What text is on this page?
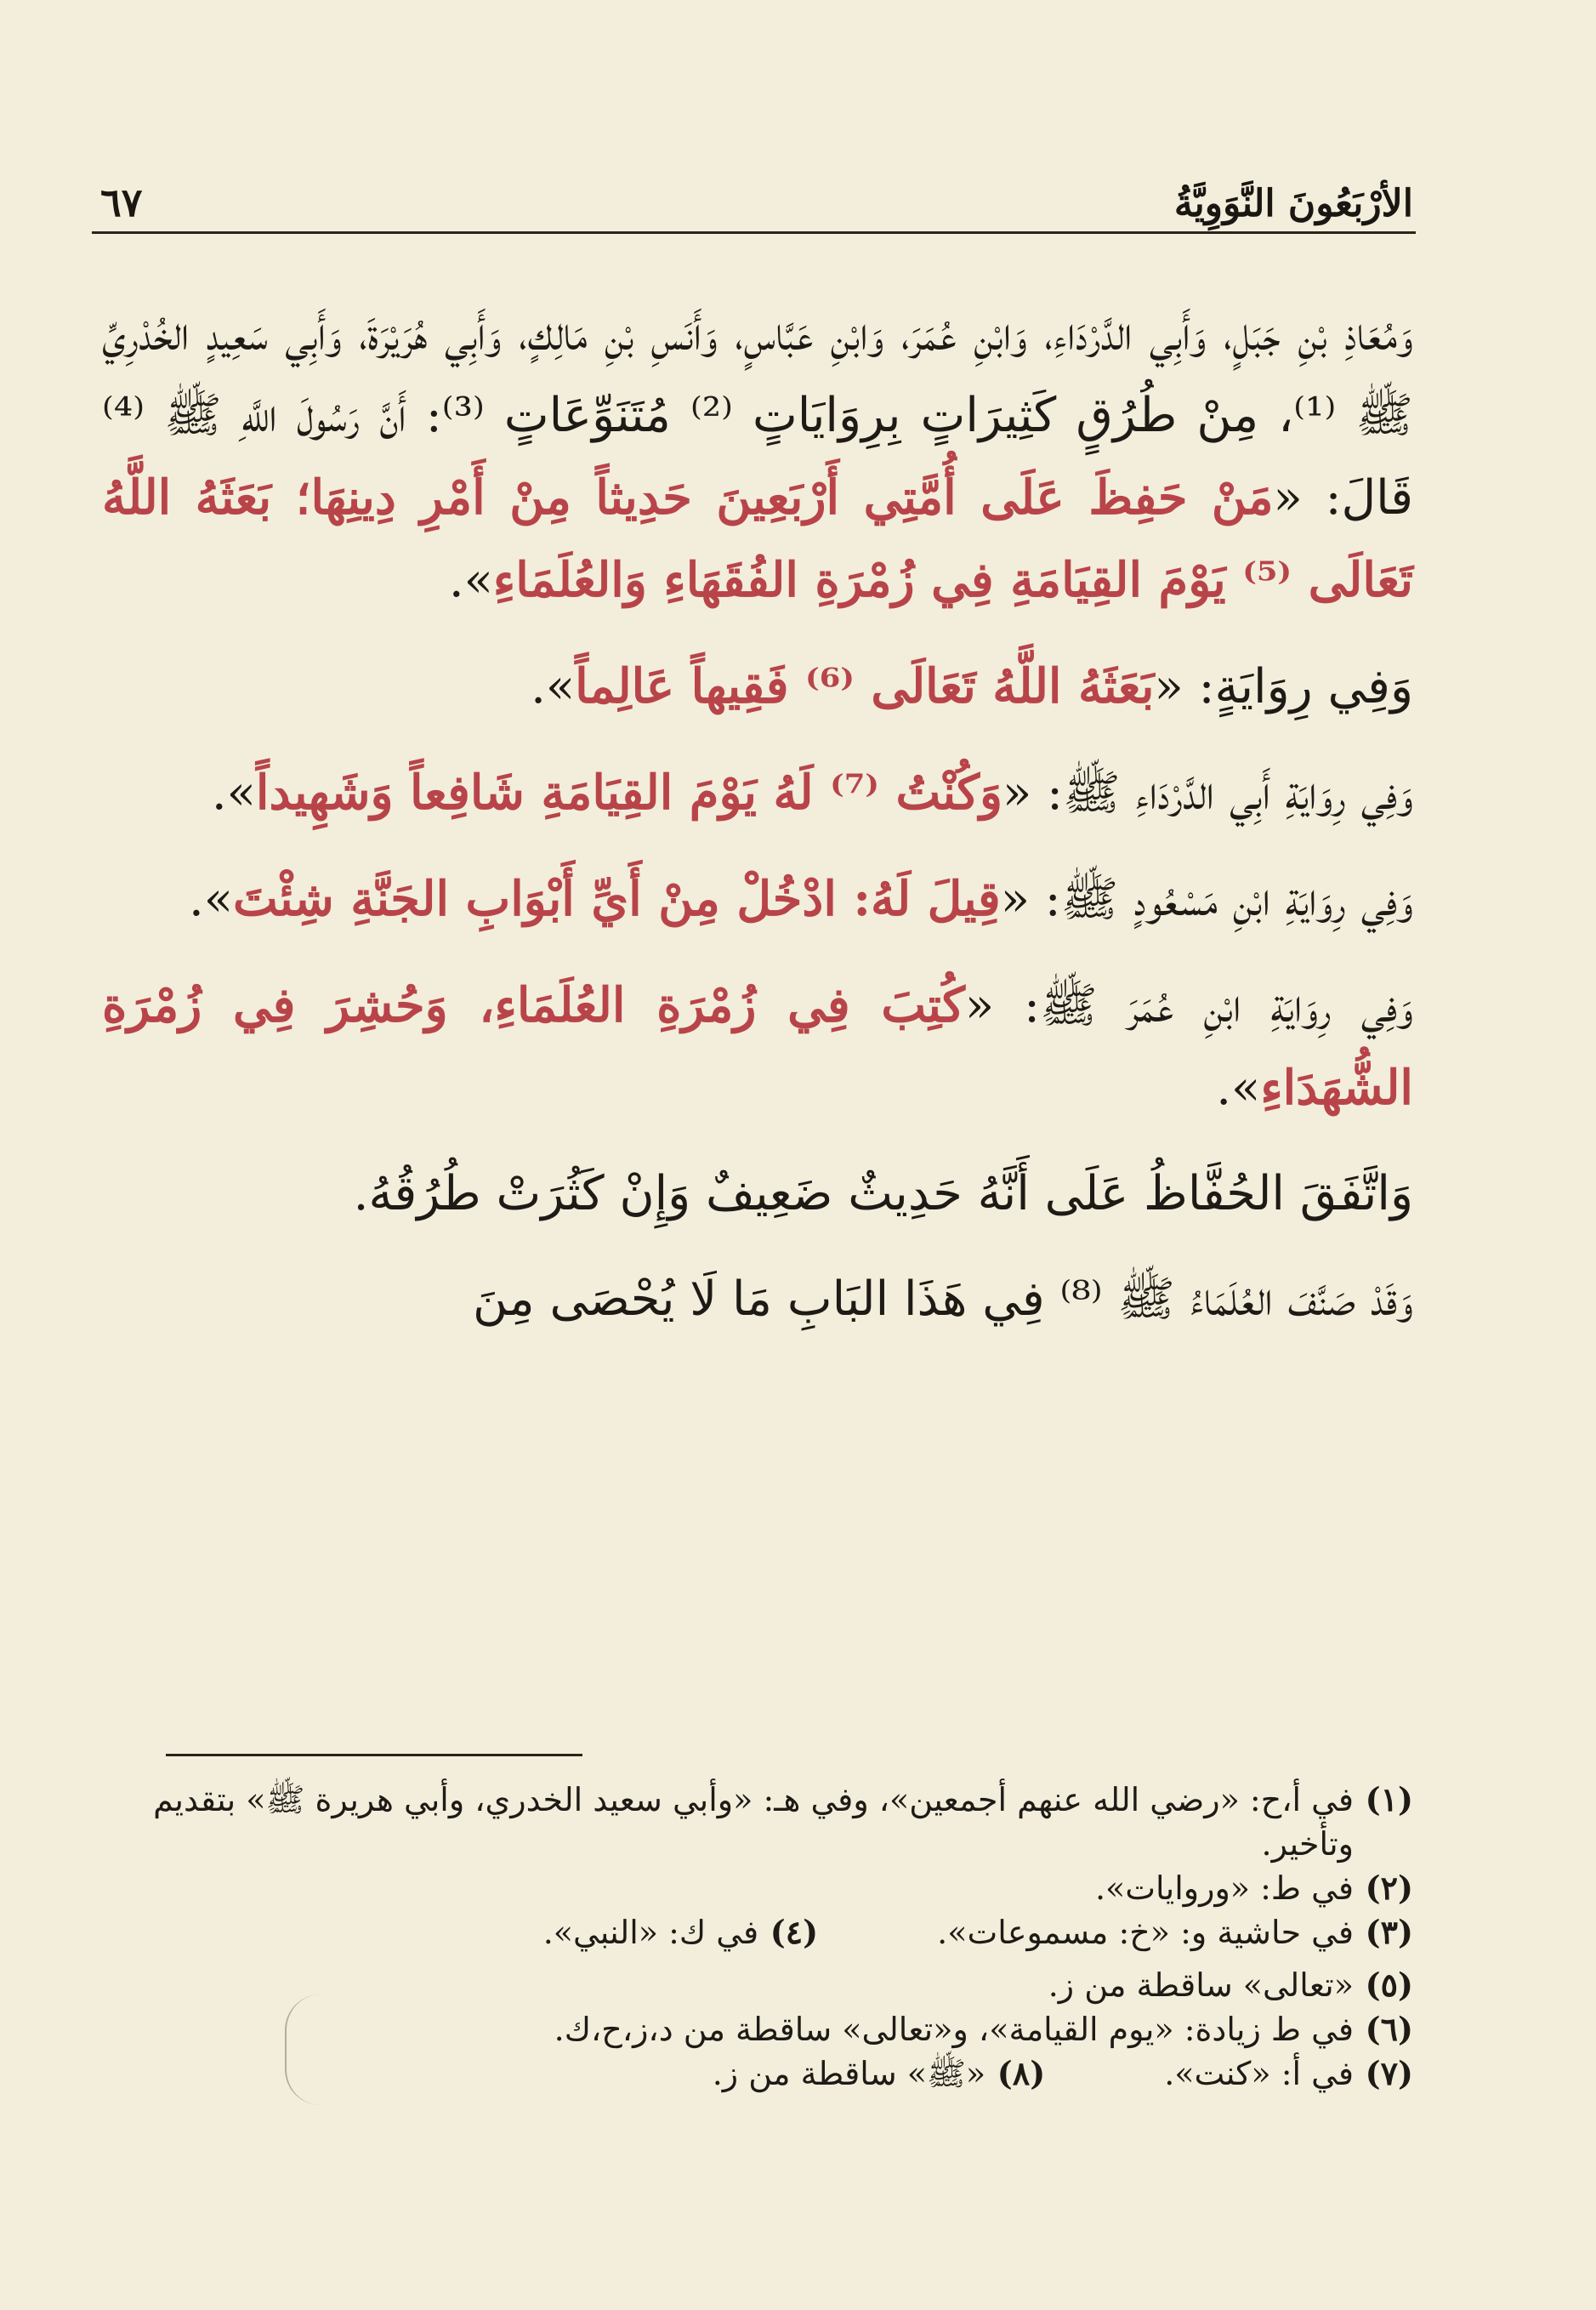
الأرْبَعُونَ النَّوَوِيَّةُ
٦٧

وَمُعَاذِ بْنِ جَبَلٍ، وَأَبِي الدَّرْدَاءِ، وَابْنِ عُمَرَ، وَابْنِ عَبَّاسٍ، وَأَنَسِ بْنِ مَالِكٍ، وَأَبِي هُرَيْرَةَ، وَأَبِي سَعِيدٍ الخُدْرِيِّ ﷺ ⁽¹⁾، مِنْ طُرُقٍ كَثِيرَاتٍ بِرِوَايَاتٍ ⁽²⁾ مُتَنَوِّعَاتٍ ⁽³⁾: أَنَّ رَسُولَ اللَّهِ ﷺ ⁽⁴⁾ قَالَ: «مَنْ حَفِظَ عَلَى أُمَّتِي أَرْبَعِينَ حَدِيثاً مِنْ أَمْرِ دِينِهَا؛ بَعَثَهُ اللَّهُ تَعَالَى ⁽⁵⁾ يَوْمَ القِيَامَةِ فِي زُمْرَةِ الفُقَهَاءِ وَالعُلَمَاءِ».

وَفِي رِوَايَةٍ: «بَعَثَهُ اللَّهُ تَعَالَى ⁽⁶⁾ فَقِيهاً عَالِماً».

وَفِي رِوَايَةِ أَبِي الدَّرْدَاءِ ﷺ: «وَكُنْتُ ⁽⁷⁾ لَهُ يَوْمَ القِيَامَةِ شَافِعاً وَشَهِيداً».

وَفِي رِوَايَةِ ابْنِ مَسْعُودٍ ﷺ: «قِيلَ لَهُ: ادْخُلْ مِنْ أَيِّ أَبْوَابِ الجَنَّةِ شِئْتَ».

وَفِي رِوَايَةِ ابْنِ عُمَرَ ﷺ: «كُتِبَ فِي زُمْرَةِ العُلَمَاءِ، وَحُشِرَ فِي زُمْرَةِ الشُّهَدَاءِ».

وَاتَّفَقَ الحُفَّاظُ عَلَى أَنَّهُ حَدِيثٌ ضَعِيفٌ وَإِنْ كَثُرَتْ طُرُقُهُ.

وَقَدْ صَنَّفَ العُلَمَاءُ ﷺ ⁽⁸⁾ فِي هَذَا البَابِ مَا لَا يُحْصَى مِنَ

(١)
في أ،ح: «رضي الله عنهم أجمعين»، وفي هـ: «وأبي سعيد الخدري، وأبي هريرة ﷺ» بتقديم وتأخير.
(٢)
في ط: «وروايات».
(٣)
في حاشية و: «خ: مسموعات».
(٤)
في ك: «النبي».
(٥)
«تعالى» ساقطة من ز.
(٦)
في ط زيادة: «يوم القيامة»، و«تعالى» ساقطة من د،ز،ح،ك.
(٧)
في أ: «كنت».
(٨)
«ﷺ» ساقطة من ز.
